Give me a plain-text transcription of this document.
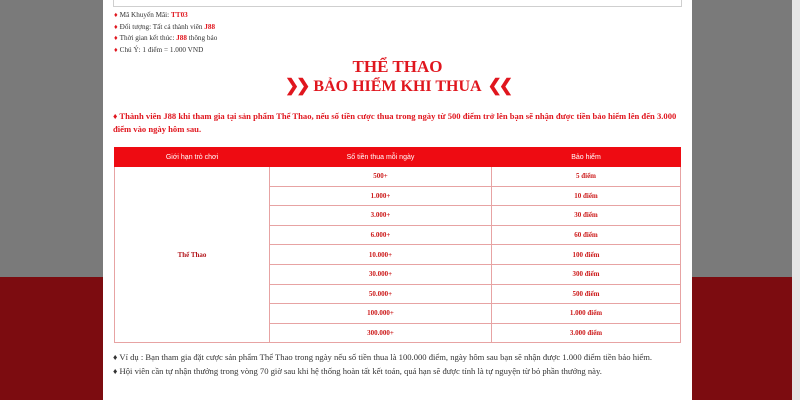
♦ Mã Khuyến Mãi: TT03
♦ Đối tượng: Tất cả thành viên J88
♦ Thời gian kết thúc: J88 thông báo
♦ Chú Ý: 1 điểm = 1.000 VND
THỂ THAO
❯❯ BẢO HIỂM KHI THUA ❮❮
♦ Thành viên J88 khi tham gia tại sản phẩm Thể Thao, nếu số tiền cược thua trong ngày từ 500 điểm trở lên bạn sẽ nhận được tiền bảo hiểm lên đến 3.000 điểm vào ngày hôm sau.
Giới hạn trò chơi	Số tiền thua mỗi ngày	Bảo hiểm
Thể Thao	500+	5 điểm
	1.000+	10 điểm
	3.000+	30 điểm
	6.000+	60 điểm
	10.000+	100 điểm
	30.000+	300 điểm
	50.000+	500 điểm
	100.000+	1.000 điểm
	300.000+	3.000 điểm

♦ Ví dụ : Bạn tham gia đặt cược sản phẩm Thể Thao trong ngày nếu số tiền thua là 100.000 điểm, ngày hôm sau bạn sẽ nhận được 1.000 điểm tiền bảo hiểm.

♦ Hội viên cần tự nhận thưởng trong vòng 70 giờ sau khi hệ thống hoàn tất kết toán, quá hạn sẽ được tính là tự nguyện từ bỏ phần thưởng này.
